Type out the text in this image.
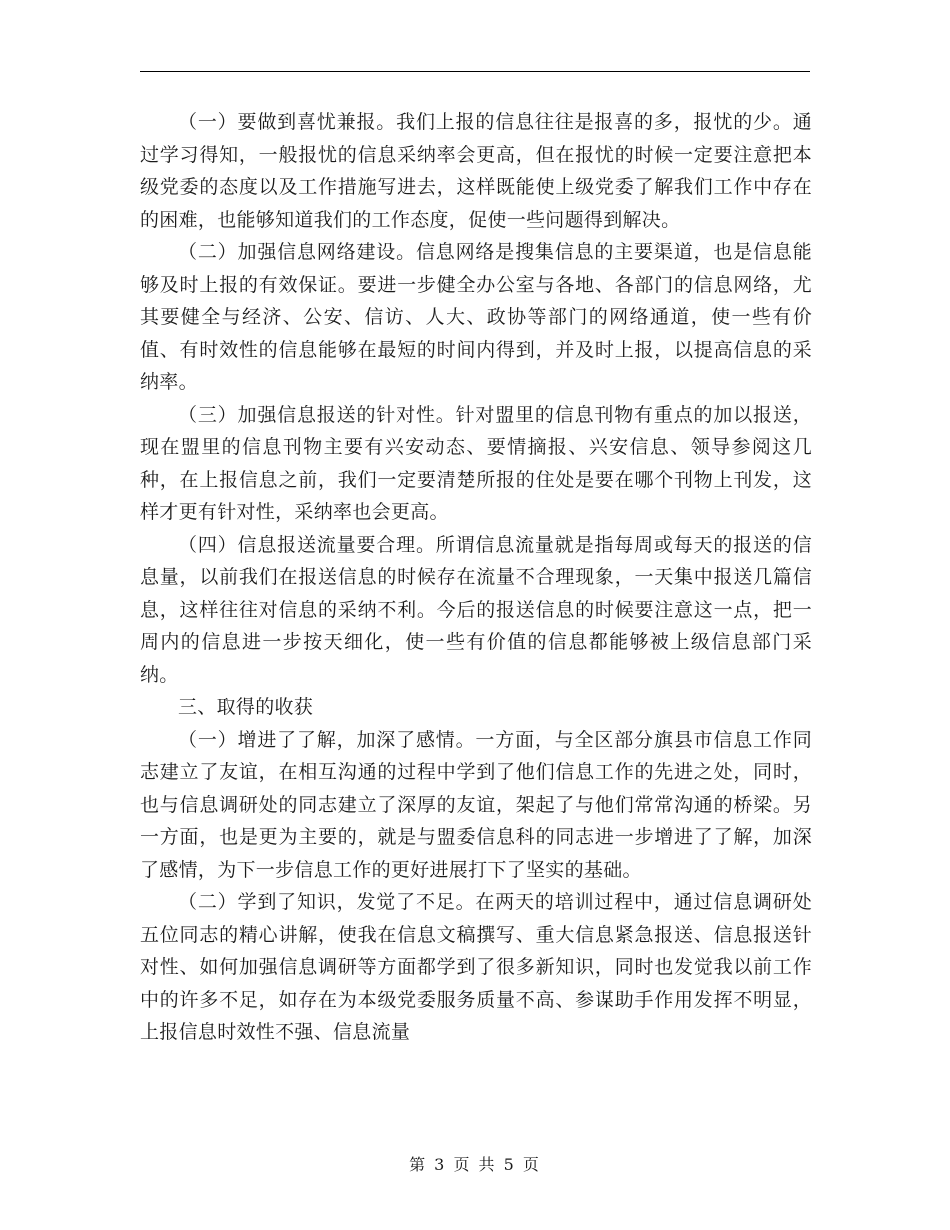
（一）要做到喜忧兼报。我们上报的信息往往是报喜的多，报忧的少。通过学习得知，一般报忧的信息采纳率会更高，但在报忧的时候一定要注意把本级党委的态度以及工作措施写进去，这样既能使上级党委了解我们工作中存在的困难，也能够知道我们的工作态度，促使一些问题得到解决。

（二）加强信息网络建设。信息网络是搜集信息的主要渠道，也是信息能够及时上报的有效保证。要进一步健全办公室与各地、各部门的信息网络，尤其要健全与经济、公安、信访、人大、政协等部门的网络通道，使一些有价值、有时效性的信息能够在最短的时间内得到，并及时上报，以提高信息的采纳率。

（三）加强信息报送的针对性。针对盟里的信息刊物有重点的加以报送，现在盟里的信息刊物主要有兴安动态、要情摘报、兴安信息、领导参阅这几种，在上报信息之前，我们一定要清楚所报的住处是要在哪个刊物上刊发，这样才更有针对性，采纳率也会更高。

（四）信息报送流量要合理。所谓信息流量就是指每周或每天的报送的信息量，以前我们在报送信息的时候存在流量不合理现象，一天集中报送几篇信息，这样往往对信息的采纳不利。今后的报送信息的时候要注意这一点，把一周内的信息进一步按天细化，使一些有价值的信息都能够被上级信息部门采纳。

三、取得的收获

（一）增进了了解，加深了感情。一方面，与全区部分旗县市信息工作同志建立了友谊，在相互沟通的过程中学到了他们信息工作的先进之处，同时，也与信息调研处的同志建立了深厚的友谊，架起了与他们常常沟通的桥梁。另一方面，也是更为主要的，就是与盟委信息科的同志进一步增进了了解，加深了感情，为下一步信息工作的更好进展打下了坚实的基础。

（二）学到了知识，发觉了不足。在两天的培训过程中，通过信息调研处五位同志的精心讲解，使我在信息文稿撰写、重大信息紧急报送、信息报送针对性、如何加强信息调研等方面都学到了很多新知识，同时也发觉我以前工作中的许多不足，如存在为本级党委服务质量不高、参谋助手作用发挥不明显，上报信息时效性不强、信息流量

第 3 页 共 5 页
